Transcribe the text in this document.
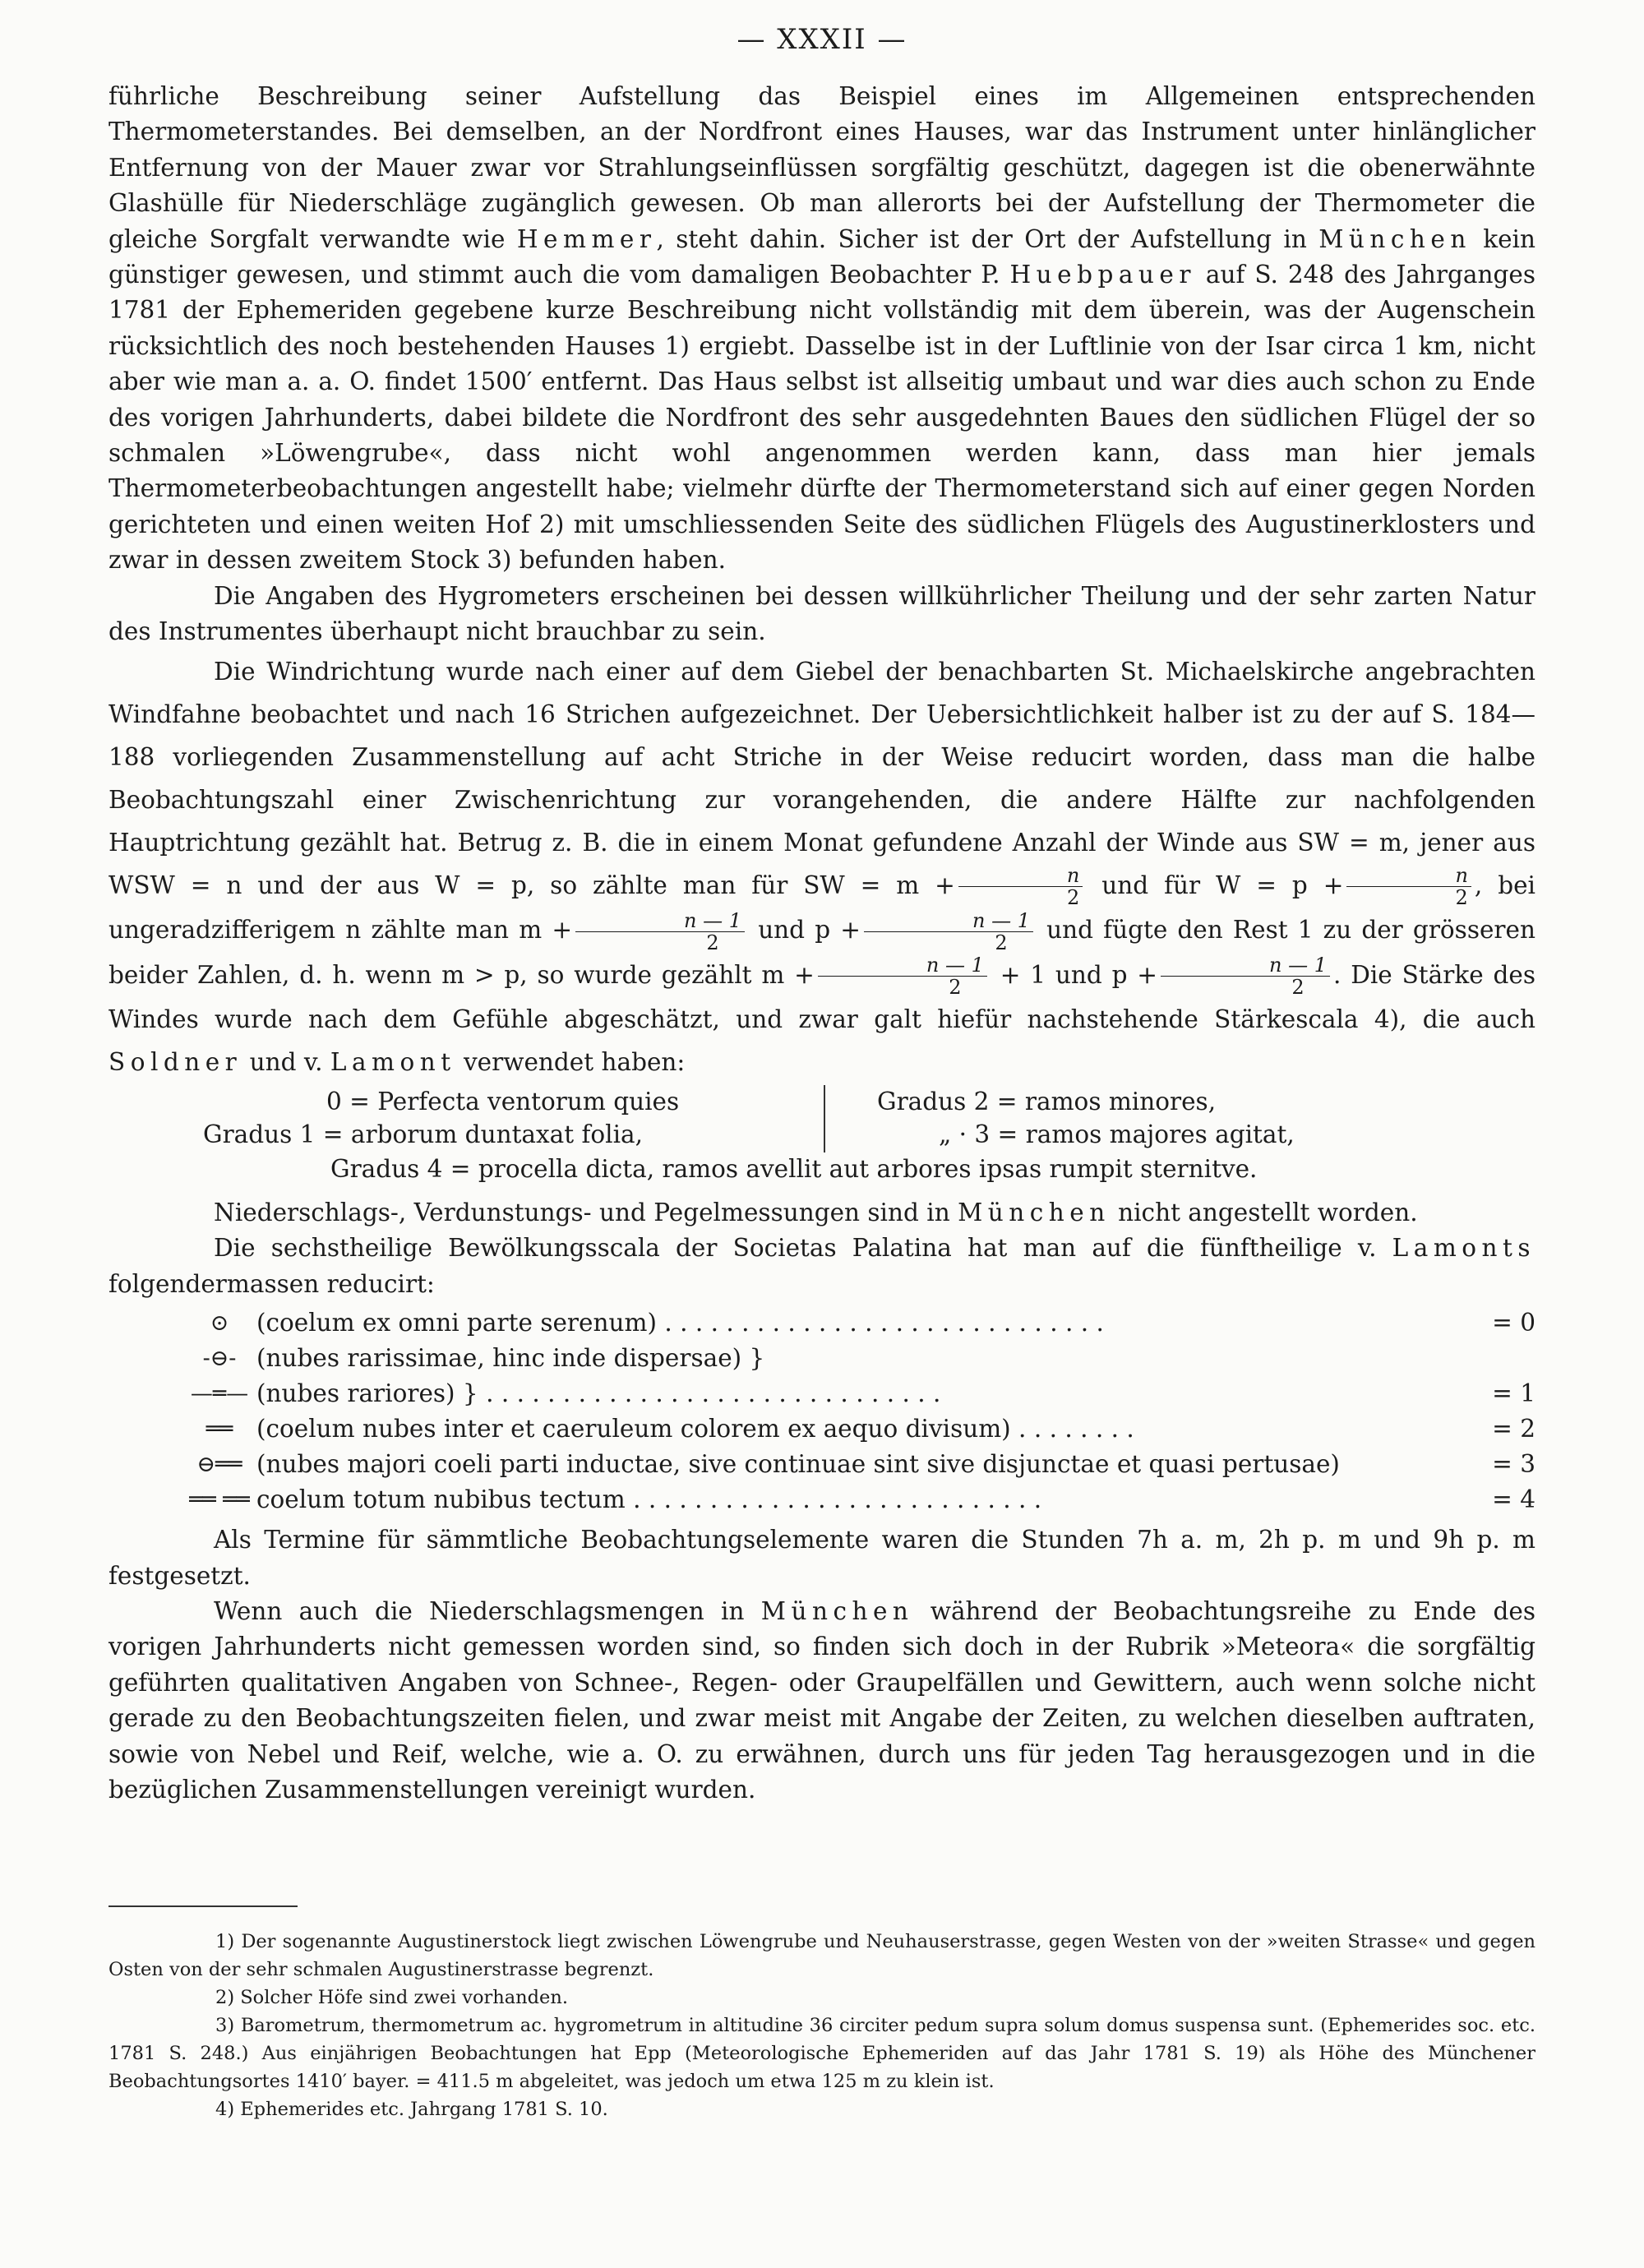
— XXXII —

führliche Beschreibung seiner Aufstellung das Beispiel eines im Allgemeinen entsprechenden Thermometerstandes. Bei demselben, an der Nordfront eines Hauses, war das Instrument unter hinlänglicher Entfernung von der Mauer zwar vor Strahlungseinflüssen sorgfältig geschützt, dagegen ist die obenerwähnte Glashülle für Niederschläge zugänglich gewesen. Ob man allerorts bei der Aufstellung der Thermometer die gleiche Sorgfalt verwandte wie Hemmer, steht dahin. Sicher ist der Ort der Aufstellung in München kein günstiger gewesen, und stimmt auch die vom damaligen Beobachter P. Huebpauer auf S. 248 des Jahrganges 1781 der Ephemeriden gegebene kurze Beschreibung nicht vollständig mit dem überein, was der Augenschein rücksichtlich des noch bestehenden Hauses 1) ergiebt. Dasselbe ist in der Luftlinie von der Isar circa 1 km, nicht aber wie man a. a. O. findet 1500′ entfernt. Das Haus selbst ist allseitig umbaut und war dies auch schon zu Ende des vorigen Jahrhunderts, dabei bildete die Nordfront des sehr ausgedehnten Baues den südlichen Flügel der so schmalen »Löwengrube«, dass nicht wohl angenommen werden kann, dass man hier jemals Thermometerbeobachtungen angestellt habe; vielmehr dürfte der Thermometerstand sich auf einer gegen Norden gerichteten und einen weiten Hof 2) mit umschliessenden Seite des südlichen Flügels des Augustinerklosters und zwar in dessen zweitem Stock 3) befunden haben.

Die Angaben des Hygrometers erscheinen bei dessen willkührlicher Theilung und der sehr zarten Natur des Instrumentes überhaupt nicht brauchbar zu sein.

Die Windrichtung wurde nach einer auf dem Giebel der benachbarten St. Michaelskirche angebrachten Windfahne beobachtet und nach 16 Strichen aufgezeichnet. Der Uebersichtlichkeit halber ist zu der auf S. 184—188 vorliegenden Zusammenstellung auf acht Striche in der Weise reducirt worden, dass man die halbe Beobachtungszahl einer Zwischenrichtung zur vorangehenden, die andere Hälfte zur nachfolgenden Hauptrichtung gezählt hat. Betrug z. B. die in einem Monat gefundene Anzahl der Winde aus SW = m, jener aus WSW = n und der aus W = p, so zählte man für SW = $m + \frac{n}{2}$ und für $W = p + \frac{n}{2}$ , bei ungeradzifferigem n zählte man $m + \frac{n — 1}{2}$ und $p + \frac{n — 1}{2}$ und fügte den Rest 1 zu der grösseren beider Zahlen, d. h. wenn m > p, so wurde gezählt $m + \frac{n — 1}{2} + 1$ und $p + \frac{n — 1}{2}$ . Die Stärke des Windes wurde nach dem Gefühle abgeschätzt, und zwar galt hiefür nachstehende Stärkescala 4), die auch Soldner und v. Lamont verwendet haben:

0 = Perfecta ventorum quies
Gradus 1 = arborum duntaxat folia,
Gradus 2 = ramos minores,
„ · 3 = ramos majores agitat,
Gradus 4 = procella dicta, ramos avellit aut arbores ipsas rumpit sternitve.

Niederschlags-, Verdunstungs- und Pegelmessungen sind in München nicht angestellt worden.

Die sechstheilige Bewölkungsscala der Societas Palatina hat man auf die fünftheilige v. Lamonts folgendermassen reducirt:

⊙	(coelum ex omni parte serenum) . . . . . . . . . . . . . . . . . . . . . . . . . . . . .	= 0
-⊖- (nubes rarissimae, hinc inde dispersae) }
—═— (nubes rariores) } . . . . . . . . . . . . . . . . . . . . . . . . . . . . . .	= 1
══ (coelum nubes inter et caeruleum colorem ex aequo divisum) . . . . . . . .	= 2
⊖══ (nubes majori coeli parti inductae, sive continuae sint sive disjunctae et quasi pertusae)	= 3
══ ══ coelum totum nubibus tectum . . . . . . . . . . . . . . . . . . . . . . . . . . .	= 4

Als Termine für sämmtliche Beobachtungselemente waren die Stunden 7h a. m, 2h p. m und 9h p. m festgesetzt.

Wenn auch die Niederschlagsmengen in München während der Beobachtungsreihe zu Ende des vorigen Jahrhunderts nicht gemessen worden sind, so finden sich doch in der Rubrik »Meteora« die sorgfältig geführten qualitativen Angaben von Schnee-, Regen- oder Graupelfällen und Gewittern, auch wenn solche nicht gerade zu den Beobachtungszeiten fielen, und zwar meist mit Angabe der Zeiten, zu welchen dieselben auftraten, sowie von Nebel und Reif, welche, wie a. O. zu erwähnen, durch uns für jeden Tag herausgezogen und in die bezüglichen Zusammenstellungen vereinigt wurden.

1) Der sogenannte Augustinerstock liegt zwischen Löwengrube und Neuhauserstrasse, gegen Westen von der »weiten Strasse« und gegen Osten von der sehr schmalen Augustinerstrasse begrenzt.

2) Solcher Höfe sind zwei vorhanden.

3) Barometrum, thermometrum ac. hygrometrum in altitudine 36 circiter pedum supra solum domus suspensa sunt. (Ephemerides soc. etc. 1781 S. 248.) Aus einjährigen Beobachtungen hat Epp (Meteorologische Ephemeriden auf das Jahr 1781 S. 19) als Höhe des Münchener Beobachtungsortes 1410′ bayer. = 411.5 m abgeleitet, was jedoch um etwa 125 m zu klein ist.

4) Ephemerides etc. Jahrgang 1781 S. 10.
